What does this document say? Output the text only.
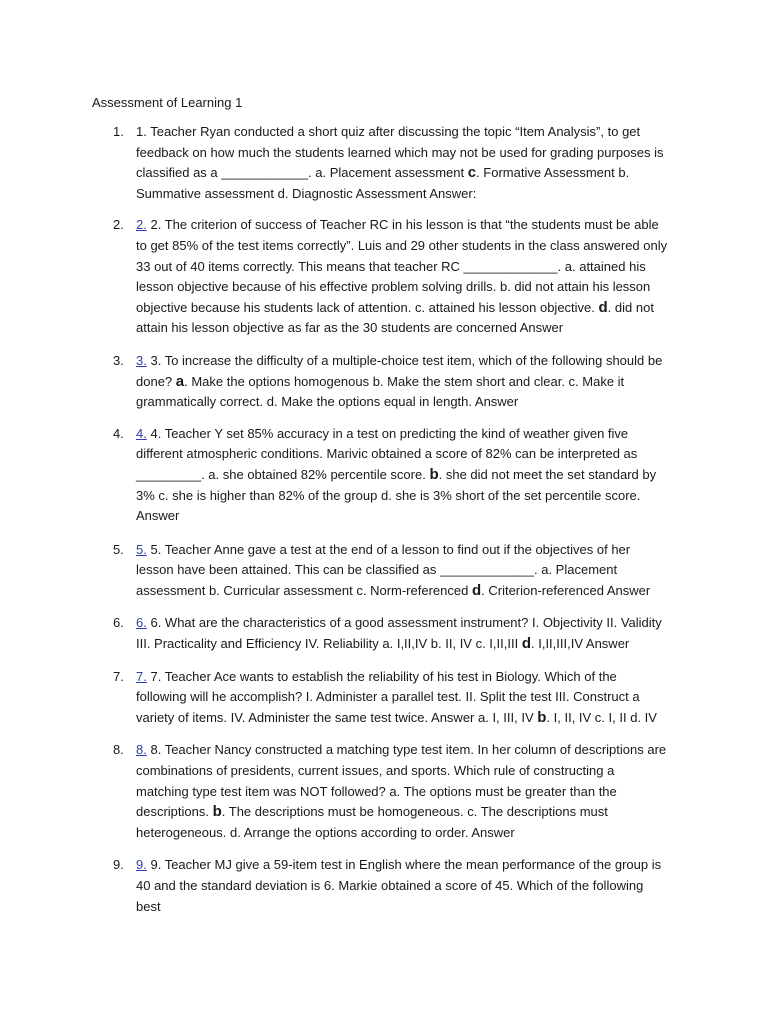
Assessment of Learning 1
1. 1. Teacher Ryan conducted a short quiz after discussing the topic “Item Analysis”, to get feedback on how much the students learned which may not be used for grading purposes is classified as a ____________. a. Placement assessment c. Formative Assessment b. Summative assessment d. Diagnostic Assessment Answer:
2. 2. 2. The criterion of success of Teacher RC in his lesson is that “the students must be able to get 85% of the test items correctly”. Luis and 29 other students in the class answered only 33 out of 40 items correctly. This means that teacher RC _____________. a. attained his lesson objective because of his effective problem solving drills. b. did not attain his lesson objective because his students lack of attention. c. attained his lesson objective. d. did not attain his lesson objective as far as the 30 students are concerned Answer
3. 3. 3. To increase the difficulty of a multiple-choice test item, which of the following should be done? a. Make the options homogenous b. Make the stem short and clear. c. Make it grammatically correct. d. Make the options equal in length. Answer
4. 4. 4. Teacher Y set 85% accuracy in a test on predicting the kind of weather given five different atmospheric conditions. Marivic obtained a score of 82% can be interpreted as _________. a. she obtained 82% percentile score. b. she did not meet the set standard by 3% c. she is higher than 82% of the group d. she is 3% short of the set percentile score. Answer
5. 5. 5. Teacher Anne gave a test at the end of a lesson to find out if the objectives of her lesson have been attained. This can be classified as _____________. a. Placement assessment b. Curricular assessment c. Norm-referenced d. Criterion-referenced Answer
6. 6. 6. What are the characteristics of a good assessment instrument? I. Objectivity II. Validity III. Practicality and Efficiency IV. Reliability a. I,II,IV b. II, IV c. I,II,III d. I,II,III,IV Answer
7. 7. 7. Teacher Ace wants to establish the reliability of his test in Biology. Which of the following will he accomplish? I. Administer a parallel test. II. Split the test III. Construct a variety of items. IV. Administer the same test twice. Answer a. I, III, IV b. I, II, IV c. I, II d. IV
8. 8. 8. Teacher Nancy constructed a matching type test item. In her column of descriptions are combinations of presidents, current issues, and sports. Which rule of constructing a matching type test item was NOT followed? a. The options must be greater than the descriptions. b. The descriptions must be homogeneous. c. The descriptions must heterogeneous. d. Arrange the options according to order. Answer
9. 9. 9. Teacher MJ give a 59-item test in English where the mean performance of the group is 40 and the standard deviation is 6. Markie obtained a score of 45. Which of the following best
